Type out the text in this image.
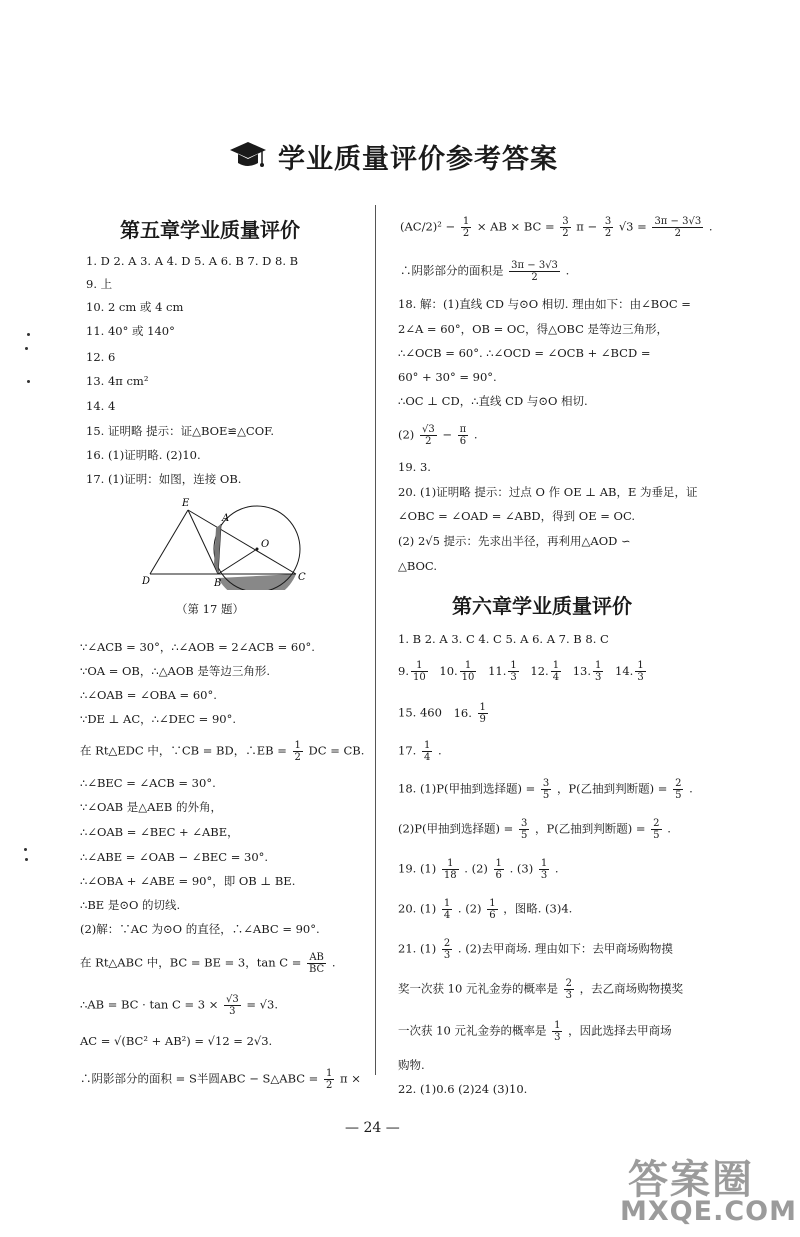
学业质量评价参考答案
第五章学业质量评价
1. D 2. A 3. A 4. D 5. A 6. B 7. D 8. B
9. 上
10. 2 cm 或 4 cm
11. 40° 或 140°
12. 6
13. 4π cm²
14. 4
15. 证明略 提示：证△BOE≌△COF.
16. (1)证明略. (2)10.
17. (1)证明：如图，连接 OB.
E
A
O
D	B
C
（第 17 题）
∵∠ACB = 30°，∴∠AOB = 2∠ACB = 60°.
∵OA = OB，∴△AOB 是等边三角形.
∴∠OAB = ∠OBA = 60°.
∵DE ⊥ AC，∴∠DEC = 90°.
在 Rt△EDC 中，∵CB = BD，∴EB = $\frac{1}{2}$ DC = CB.
∴∠BEC = ∠ACB = 30°.
∵∠OAB 是△AEB 的外角，
∴∠OAB = ∠BEC + ∠ABE，
∴∠ABE = ∠OAB − ∠BEC = 30°.
∴∠OBA + ∠ABE = 90°，即 OB ⊥ BE.
∴BE 是⊙O 的切线.
(2)解：∵AC 为⊙O 的直径，∴∠ABC = 90°.
在 Rt△ABC 中，BC = BE = 3，$\tan C = \frac{AB}{BC}$ .
∴AB = BC · $\tan C = 3 \times \frac{√3}{3} = √3$.
AC = √(BC² + AB²) = √12 = 2√3.
∴阴影部分的面积 = S半圆ABC − S△ABC = $\frac{1}{2}$ π ×
$(AC/2)^2 - \frac{1}{2}$ × AB × BC = $\frac{3}{2}$ $\pi - \frac{3}{2} √3 = \frac{3\pi - 3√3}{2}$ .
∴阴影部分的面积是 $\frac{3\pi - 3√3}{2}$ .
18. 解：(1)直线 CD 与⊙O 相切. 理由如下：由∠BOC =
2∠A = 60°，OB = OC，得△OBC 是等边三角形，
∴∠OCB = 60°. ∴∠OCD = ∠OCB + ∠BCD =
60° + 30° = 90°.
∴OC ⊥ CD，∴直线 CD 与⊙O 相切.
$(2) \frac{√3}{2} - \frac{\pi}{6}$ .
19. 3.
20. (1)证明略 提示：过点 O 作 OE ⊥ AB，E 为垂足，证
∠OBC = ∠OAD = ∠ABD，得到 OE = OC.
(2) 2√5 提示：先求出半径，再利用△AOD ∽
△BOC.
第六章学业质量评价
1. B 2. A 3. C 4. C 5. A 6. A 7. B 8. C
9. $\frac{1}{10} 10$. $\frac{1}{10} 11$. $\frac{1}{3} 12$. $\frac{1}{4} 13$. $\frac{1}{3} 14$. $\frac{1}{3}$
15. 460 16. $\frac{1}{9}$
17. $\frac{1}{4}$ .
18. (1)P(甲抽到选择题) = $\frac{3}{5}$ ，P(乙抽到判断题) = $\frac{2}{5}$ .
(2)P(甲抽到选择题) = $\frac{3}{5}$ ，P(乙抽到判断题) = $\frac{2}{5}$ .
19. $(1) \frac{1}{18}$ . $(2) \frac{1}{6}$ . $(3) \frac{1}{3}$ .
20. $(1) \frac{1}{4}$ . $(2) \frac{1}{6}$ ，图略. (3)4.
21. $(1) \frac{2}{3}$ . (2)去甲商场. 理由如下：去甲商场购物摸
奖一次获 10 元礼金券的概率是 $\frac{2}{3}$ ，去乙商场购物摸奖
一次获 10 元礼金券的概率是 $\frac{1}{3}$ ，因此选择去甲商场
购物.
22. (1)0.6 (2)24 (3)10.
— 24 —
答案圈
MXQE.COM
